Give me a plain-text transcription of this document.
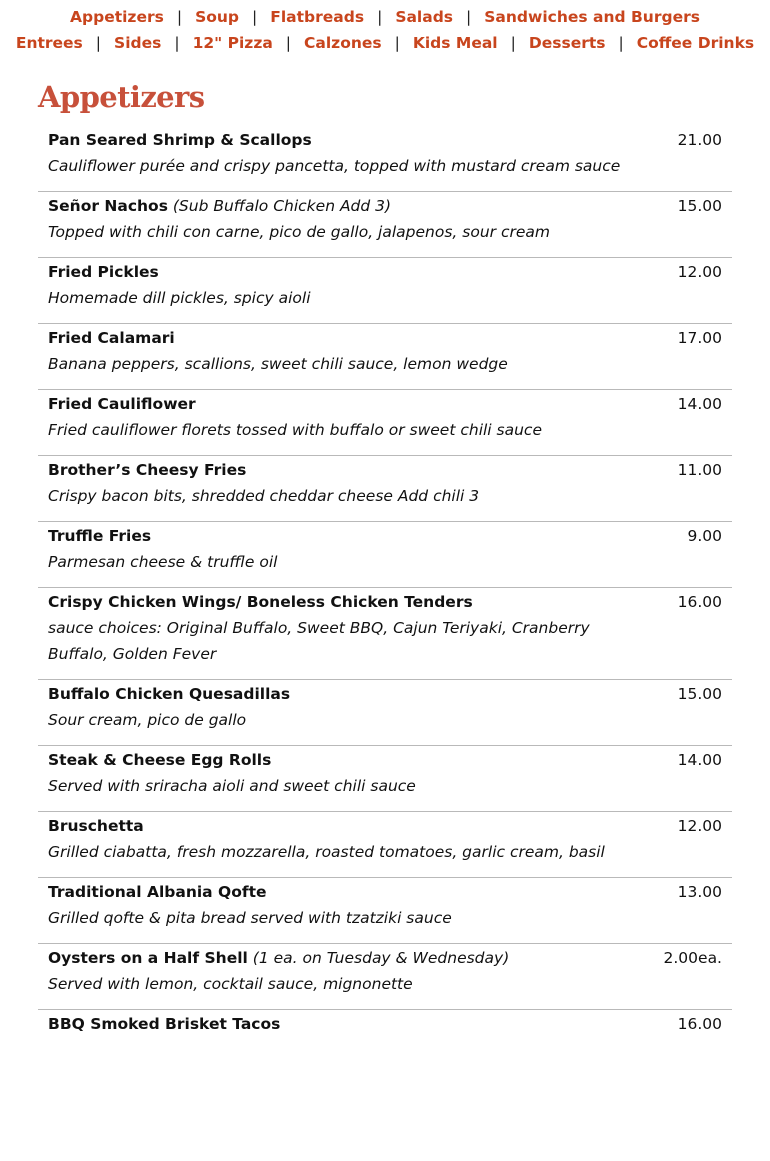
Appetizers | Soup | Flatbreads | Salads | Sandwiches and Burgers
Entrees | Sides | 12" Pizza | Calzones | Kids Meal | Desserts | Coffee Drinks
Appetizers
Pan Seared Shrimp & Scallops
Cauliflower purée and crispy pancetta, topped with mustard cream sauce
21.00
Señor Nachos (Sub Buffalo Chicken Add 3)
Topped with chili con carne, pico de gallo, jalapenos, sour cream
15.00
Fried Pickles
Homemade dill pickles, spicy aioli
12.00
Fried Calamari
Banana peppers, scallions, sweet chili sauce, lemon wedge
17.00
Fried Cauliflower
Fried cauliflower florets tossed with buffalo or sweet chili sauce
14.00
Brother’s Cheesy Fries
Crispy bacon bits, shredded cheddar cheese Add chili 3
11.00
Truffle Fries
Parmesan cheese & truffle oil
9.00
Crispy Chicken Wings/ Boneless Chicken Tenders
sauce choices: Original Buffalo, Sweet BBQ, Cajun Teriyaki, Cranberry Buffalo, Golden Fever
16.00
Buffalo Chicken Quesadillas
Sour cream, pico de gallo
15.00
Steak & Cheese Egg Rolls
Served with sriracha aioli and sweet chili sauce
14.00
Bruschetta
Grilled ciabatta, fresh mozzarella, roasted tomatoes, garlic cream, basil
12.00
Traditional Albania Qofte
Grilled qofte & pita bread served with tzatziki sauce
13.00
Oysters on a Half Shell (1 ea. on Tuesday & Wednesday)
Served with lemon, cocktail sauce, mignonette
2.00ea.
BBQ Smoked Brisket Tacos	16.00
